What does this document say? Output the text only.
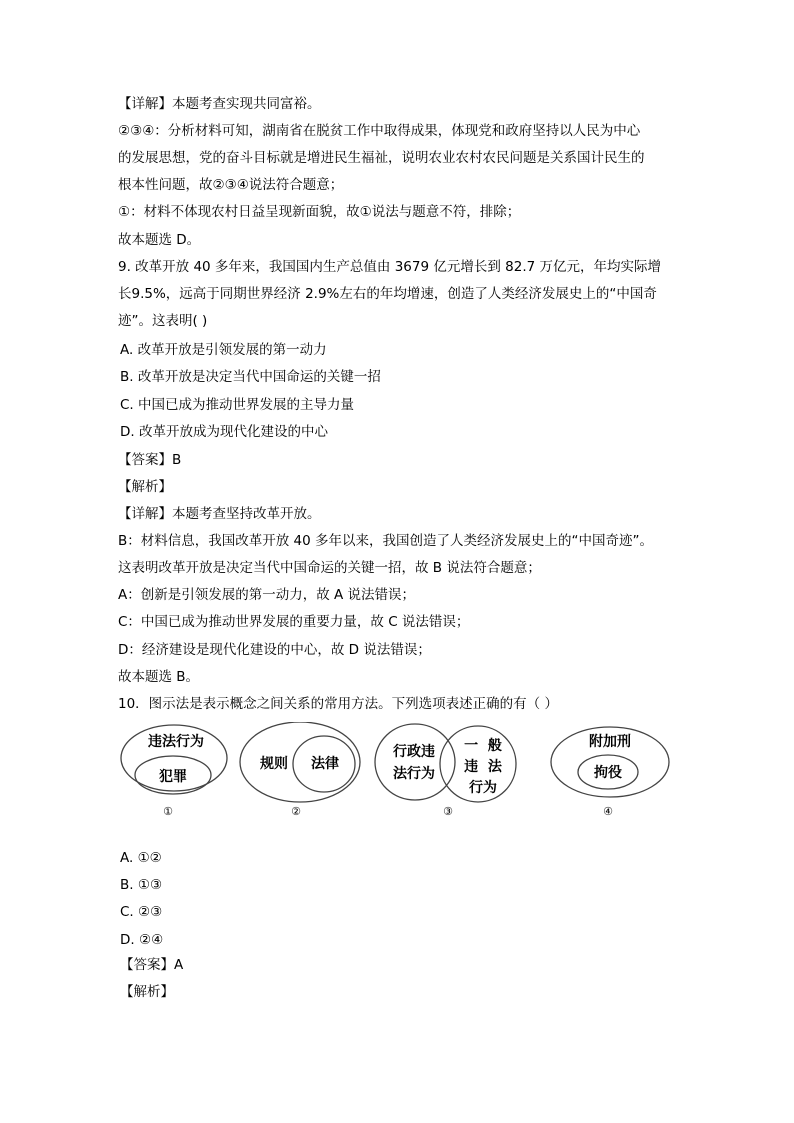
【详解】本题考查实现共同富裕。
②③④：分析材料可知，湖南省在脱贫工作中取得成果，体现党和政府坚持以人民为中心
的发展思想，党的奋斗目标就是增进民生福祉，说明农业农村农民问题是关系国计民生的
根本性问题，故②③④说法符合题意；
①：材料不体现农村日益呈现新面貌，故①说法与题意不符，排除；
故本题选 D。
9. 改革开放 40 多年来，我国国内生产总值由 3679 亿元增长到 82.7 万亿元，年均实际增
长9.5%，远高于同期世界经济 2.9%左右的年均增速，创造了人类经济发展史上的“中国奇
迹”。这表明( )
A. 改革开放是引领发展的第一动力
B. 改革开放是决定当代中国命运的关键一招
C. 中国已成为推动世界发展的主导力量
D. 改革开放成为现代化建设的中心
【答案】B
【解析】
【详解】本题考查坚持改革开放。
B：材料信息，我国改革开放 40 多年以来，我国创造了人类经济发展史上的“中国奇迹”。
这表明改革开放是决定当代中国命运的关键一招，故 B 说法符合题意；
A：创新是引领发展的第一动力，故 A 说法错误；
C：中国已成为推动世界发展的重要力量，故 C 说法错误；
D：经济建设是现代化建设的中心，故 D 说法错误；
故本题选 B。
10．图示法是表示概念之间关系的常用方法。下列选项表述正确的有（ ）
违法行为
犯罪
①
规则 法律
②
行政违
法行为
一  般
违  法
行为
③
附加刑
拘役
④
A. ①②
B. ①③
C. ②③
D. ②④
【答案】A
【解析】
